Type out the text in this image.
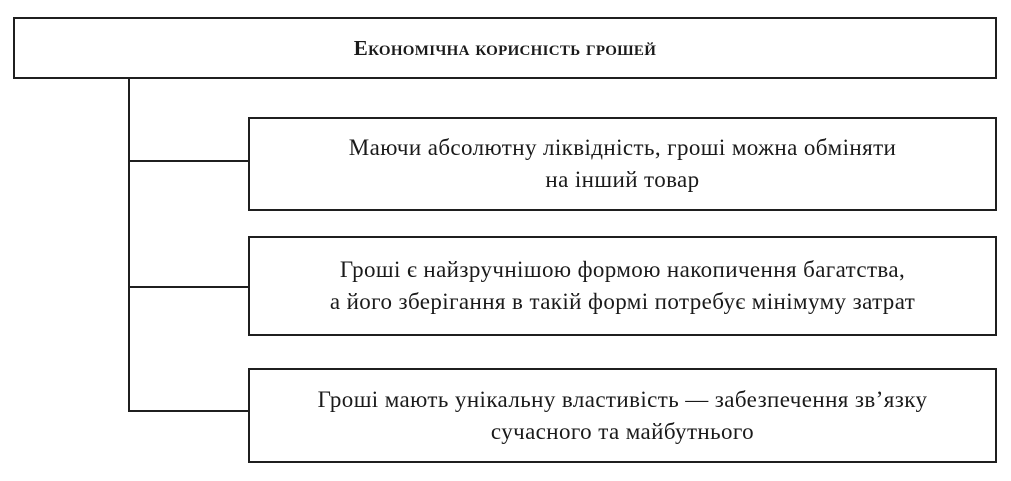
Економічна корисність грошей
Маючи абсолютну ліквідність, гроші можна обміняти
на інший товар
Гроші є найзручнішою формою накопичення багатства,
а його зберігання в такій формі потребує мінімуму затрат
Гроші мають унікальну властивість — забезпечення зв’язку
сучасного та майбутнього
